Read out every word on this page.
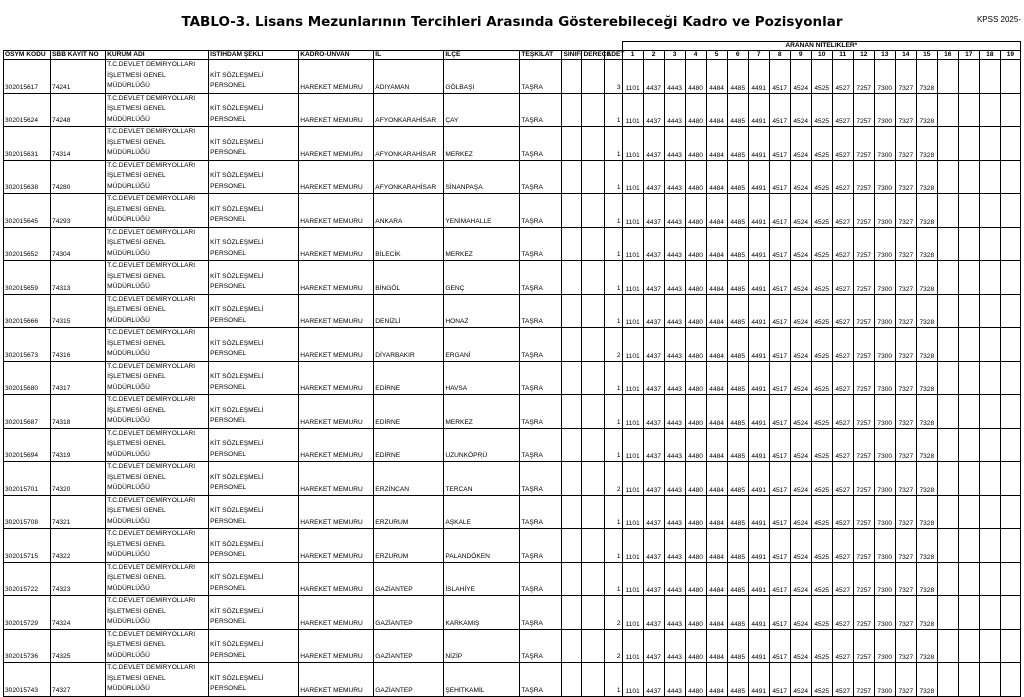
TABLO-3. Lisans Mezunlarının Tercihleri Arasında Gösterebileceği Kadro ve Pozisyonlar	KPSS 2025-
											ARANAN NİTELİKLER*																		
ÖSYM KODU	SBB KAYIT NO	KURUM ADI	İSTİHDAM ŞEKLİ	KADRO-ÜNVAN	İL	İLÇE	TEŞKİLAT	SINIFI	DERECE	ADET	1	2	3	4	5	6	7	8	9	10	11	12	13	14	15	16	17	18	19
302015617	74241	T.C.DEVLET DEMİRYOLLARI İŞLETMESİ GENEL MÜDÜRLÜĞÜ	KİT SÖZLEŞMELİ PERSONEL	HAREKET MEMURU	ADIYAMAN	GÖLBAŞI	TAŞRA			3	1101	4437	4443	4480	4484	4485	4491	4517	4524	4525	4527	7257	7300	7327	7328				
302015624	74248	T.C.DEVLET DEMİRYOLLARI İŞLETMESİ GENEL MÜDÜRLÜĞÜ	KİT SÖZLEŞMELİ PERSONEL	HAREKET MEMURU	AFYONKARAHİSAR	ÇAY	TAŞRA			1	1101	4437	4443	4480	4484	4485	4491	4517	4524	4525	4527	7257	7300	7327	7328				
302015631	74314	T.C.DEVLET DEMİRYOLLARI İŞLETMESİ GENEL MÜDÜRLÜĞÜ	KİT SÖZLEŞMELİ PERSONEL	HAREKET MEMURU	AFYONKARAHİSAR	MERKEZ	TAŞRA			1	1101	4437	4443	4480	4484	4485	4491	4517	4524	4525	4527	7257	7300	7327	7328				
302015638	74280	T.C.DEVLET DEMİRYOLLARI İŞLETMESİ GENEL MÜDÜRLÜĞÜ	KİT SÖZLEŞMELİ PERSONEL	HAREKET MEMURU	AFYONKARAHİSAR	SİNANPAŞA	TAŞRA			1	1101	4437	4443	4480	4484	4485	4491	4517	4524	4525	4527	7257	7300	7327	7328				
302015645	74293	T.C.DEVLET DEMİRYOLLARI İŞLETMESİ GENEL MÜDÜRLÜĞÜ	KİT SÖZLEŞMELİ PERSONEL	HAREKET MEMURU	ANKARA	YENİMAHALLE	TAŞRA			1	1101	4437	4443	4480	4484	4485	4491	4517	4524	4525	4527	7257	7300	7327	7328				
302015652	74304	T.C.DEVLET DEMİRYOLLARI İŞLETMESİ GENEL MÜDÜRLÜĞÜ	KİT SÖZLEŞMELİ PERSONEL	HAREKET MEMURU	BİLECİK	MERKEZ	TAŞRA			1	1101	4437	4443	4480	4484	4485	4491	4517	4524	4525	4527	7257	7300	7327	7328				
302015659	74313	T.C.DEVLET DEMİRYOLLARI İŞLETMESİ GENEL MÜDÜRLÜĞÜ	KİT SÖZLEŞMELİ PERSONEL	HAREKET MEMURU	BİNGÖL	GENÇ	TAŞRA			1	1101	4437	4443	4480	4484	4485	4491	4517	4524	4525	4527	7257	7300	7327	7328				
302015666	74315	T.C.DEVLET DEMİRYOLLARI İŞLETMESİ GENEL MÜDÜRLÜĞÜ	KİT SÖZLEŞMELİ PERSONEL	HAREKET MEMURU	DENİZLİ	HONAZ	TAŞRA			1	1101	4437	4443	4480	4484	4485	4491	4517	4524	4525	4527	7257	7300	7327	7328				
302015673	74316	T.C.DEVLET DEMİRYOLLARI İŞLETMESİ GENEL MÜDÜRLÜĞÜ	KİT SÖZLEŞMELİ PERSONEL	HAREKET MEMURU	DİYARBAKIR	ERGANİ	TAŞRA			2	1101	4437	4443	4480	4484	4485	4491	4517	4524	4525	4527	7257	7300	7327	7328				
302015680	74317	T.C.DEVLET DEMİRYOLLARI İŞLETMESİ GENEL MÜDÜRLÜĞÜ	KİT SÖZLEŞMELİ PERSONEL	HAREKET MEMURU	EDİRNE	HAVSA	TAŞRA			1	1101	4437	4443	4480	4484	4485	4491	4517	4524	4525	4527	7257	7300	7327	7328				
302015687	74318	T.C.DEVLET DEMİRYOLLARI İŞLETMESİ GENEL MÜDÜRLÜĞÜ	KİT SÖZLEŞMELİ PERSONEL	HAREKET MEMURU	EDİRNE	MERKEZ	TAŞRA			1	1101	4437	4443	4480	4484	4485	4491	4517	4524	4525	4527	7257	7300	7327	7328				
302015694	74319	T.C.DEVLET DEMİRYOLLARI İŞLETMESİ GENEL MÜDÜRLÜĞÜ	KİT SÖZLEŞMELİ PERSONEL	HAREKET MEMURU	EDİRNE	UZUNKÖPRÜ	TAŞRA			1	1101	4437	4443	4480	4484	4485	4491	4517	4524	4525	4527	7257	7300	7327	7328				
302015701	74320	T.C.DEVLET DEMİRYOLLARI İŞLETMESİ GENEL MÜDÜRLÜĞÜ	KİT SÖZLEŞMELİ PERSONEL	HAREKET MEMURU	ERZİNCAN	TERCAN	TAŞRA			2	1101	4437	4443	4480	4484	4485	4491	4517	4524	4525	4527	7257	7300	7327	7328				
302015708	74321	T.C.DEVLET DEMİRYOLLARI İŞLETMESİ GENEL MÜDÜRLÜĞÜ	KİT SÖZLEŞMELİ PERSONEL	HAREKET MEMURU	ERZURUM	AŞKALE	TAŞRA			1	1101	4437	4443	4480	4484	4485	4491	4517	4524	4525	4527	7257	7300	7327	7328				
302015715	74322	T.C.DEVLET DEMİRYOLLARI İŞLETMESİ GENEL MÜDÜRLÜĞÜ	KİT SÖZLEŞMELİ PERSONEL	HAREKET MEMURU	ERZURUM	PALANDÖKEN	TAŞRA			1	1101	4437	4443	4480	4484	4485	4491	4517	4524	4525	4527	7257	7300	7327	7328				
302015722	74323	T.C.DEVLET DEMİRYOLLARI İŞLETMESİ GENEL MÜDÜRLÜĞÜ	KİT SÖZLEŞMELİ PERSONEL	HAREKET MEMURU	GAZİANTEP	İSLAHİYE	TAŞRA			1	1101	4437	4443	4480	4484	4485	4491	4517	4524	4525	4527	7257	7300	7327	7328				
302015729	74324	T.C.DEVLET DEMİRYOLLARI İŞLETMESİ GENEL MÜDÜRLÜĞÜ	KİT SÖZLEŞMELİ PERSONEL	HAREKET MEMURU	GAZİANTEP	KARKAMIŞ	TAŞRA			2	1101	4437	4443	4480	4484	4485	4491	4517	4524	4525	4527	7257	7300	7327	7328				
302015736	74325	T.C.DEVLET DEMİRYOLLARI İŞLETMESİ GENEL MÜDÜRLÜĞÜ	KİT SÖZLEŞMELİ PERSONEL	HAREKET MEMURU	GAZİANTEP	NİZİP	TAŞRA			2	1101	4437	4443	4480	4484	4485	4491	4517	4524	4525	4527	7257	7300	7327	7328				
302015743	74327	T.C.DEVLET DEMİRYOLLARI İŞLETMESİ GENEL MÜDÜRLÜĞÜ	KİT SÖZLEŞMELİ PERSONEL	HAREKET MEMURU	GAZİANTEP	ŞEHİTKAMİL	TAŞRA			1	1101	4437	4443	4480	4484	4485	4491	4517	4524	4525	4527	7257	7300	7327	7328				
